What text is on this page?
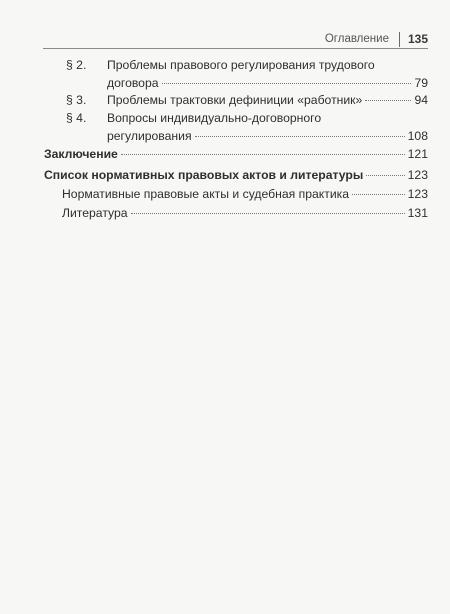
Оглавление 135
§ 2. Проблемы правового регулирования трудового
договора	79
§ 3. Проблемы трактовки дефиниции «работник»	94
§ 4. Вопросы индивидуально-договорного
регулирования	108
Заключение	121
Список нормативных правовых актов и литературы	123
Нормативные правовые акты и судебная практика	123
Литература	131
